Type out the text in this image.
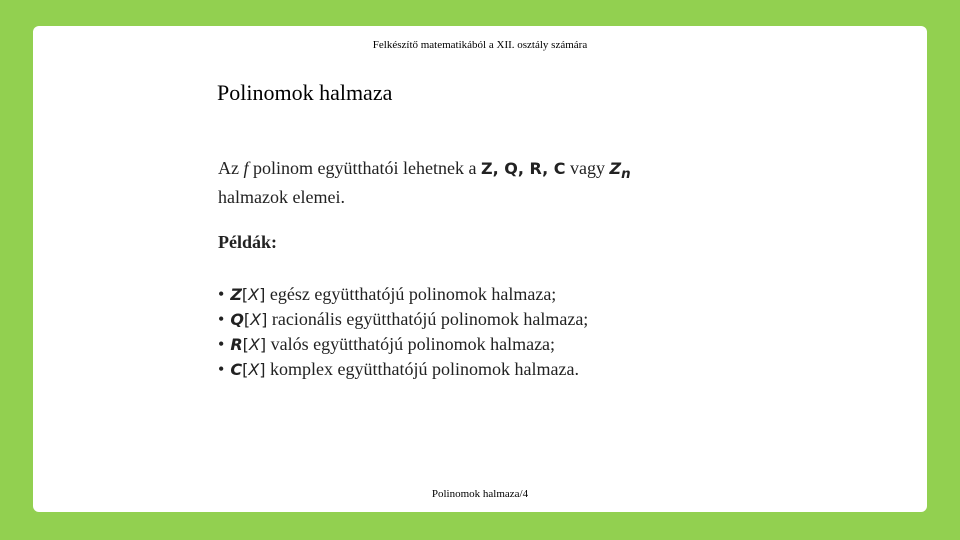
Felkészítő matematikából a XII. osztály számára
Polinomok halmaza
Az f polinom együtthatói lehetnek a Z, Q, R, C vagy $Z_n$
halmazok elemei.
Példák:
• Z[X] egész együtthatójú polinomok halmaza;
• Q[X] racionális együtthatójú polinomok halmaza;
• R[X] valós együtthatójú polinomok halmaza;
• C[X] komplex együtthatójú polinomok halmaza.
Polinomok halmaza/4
